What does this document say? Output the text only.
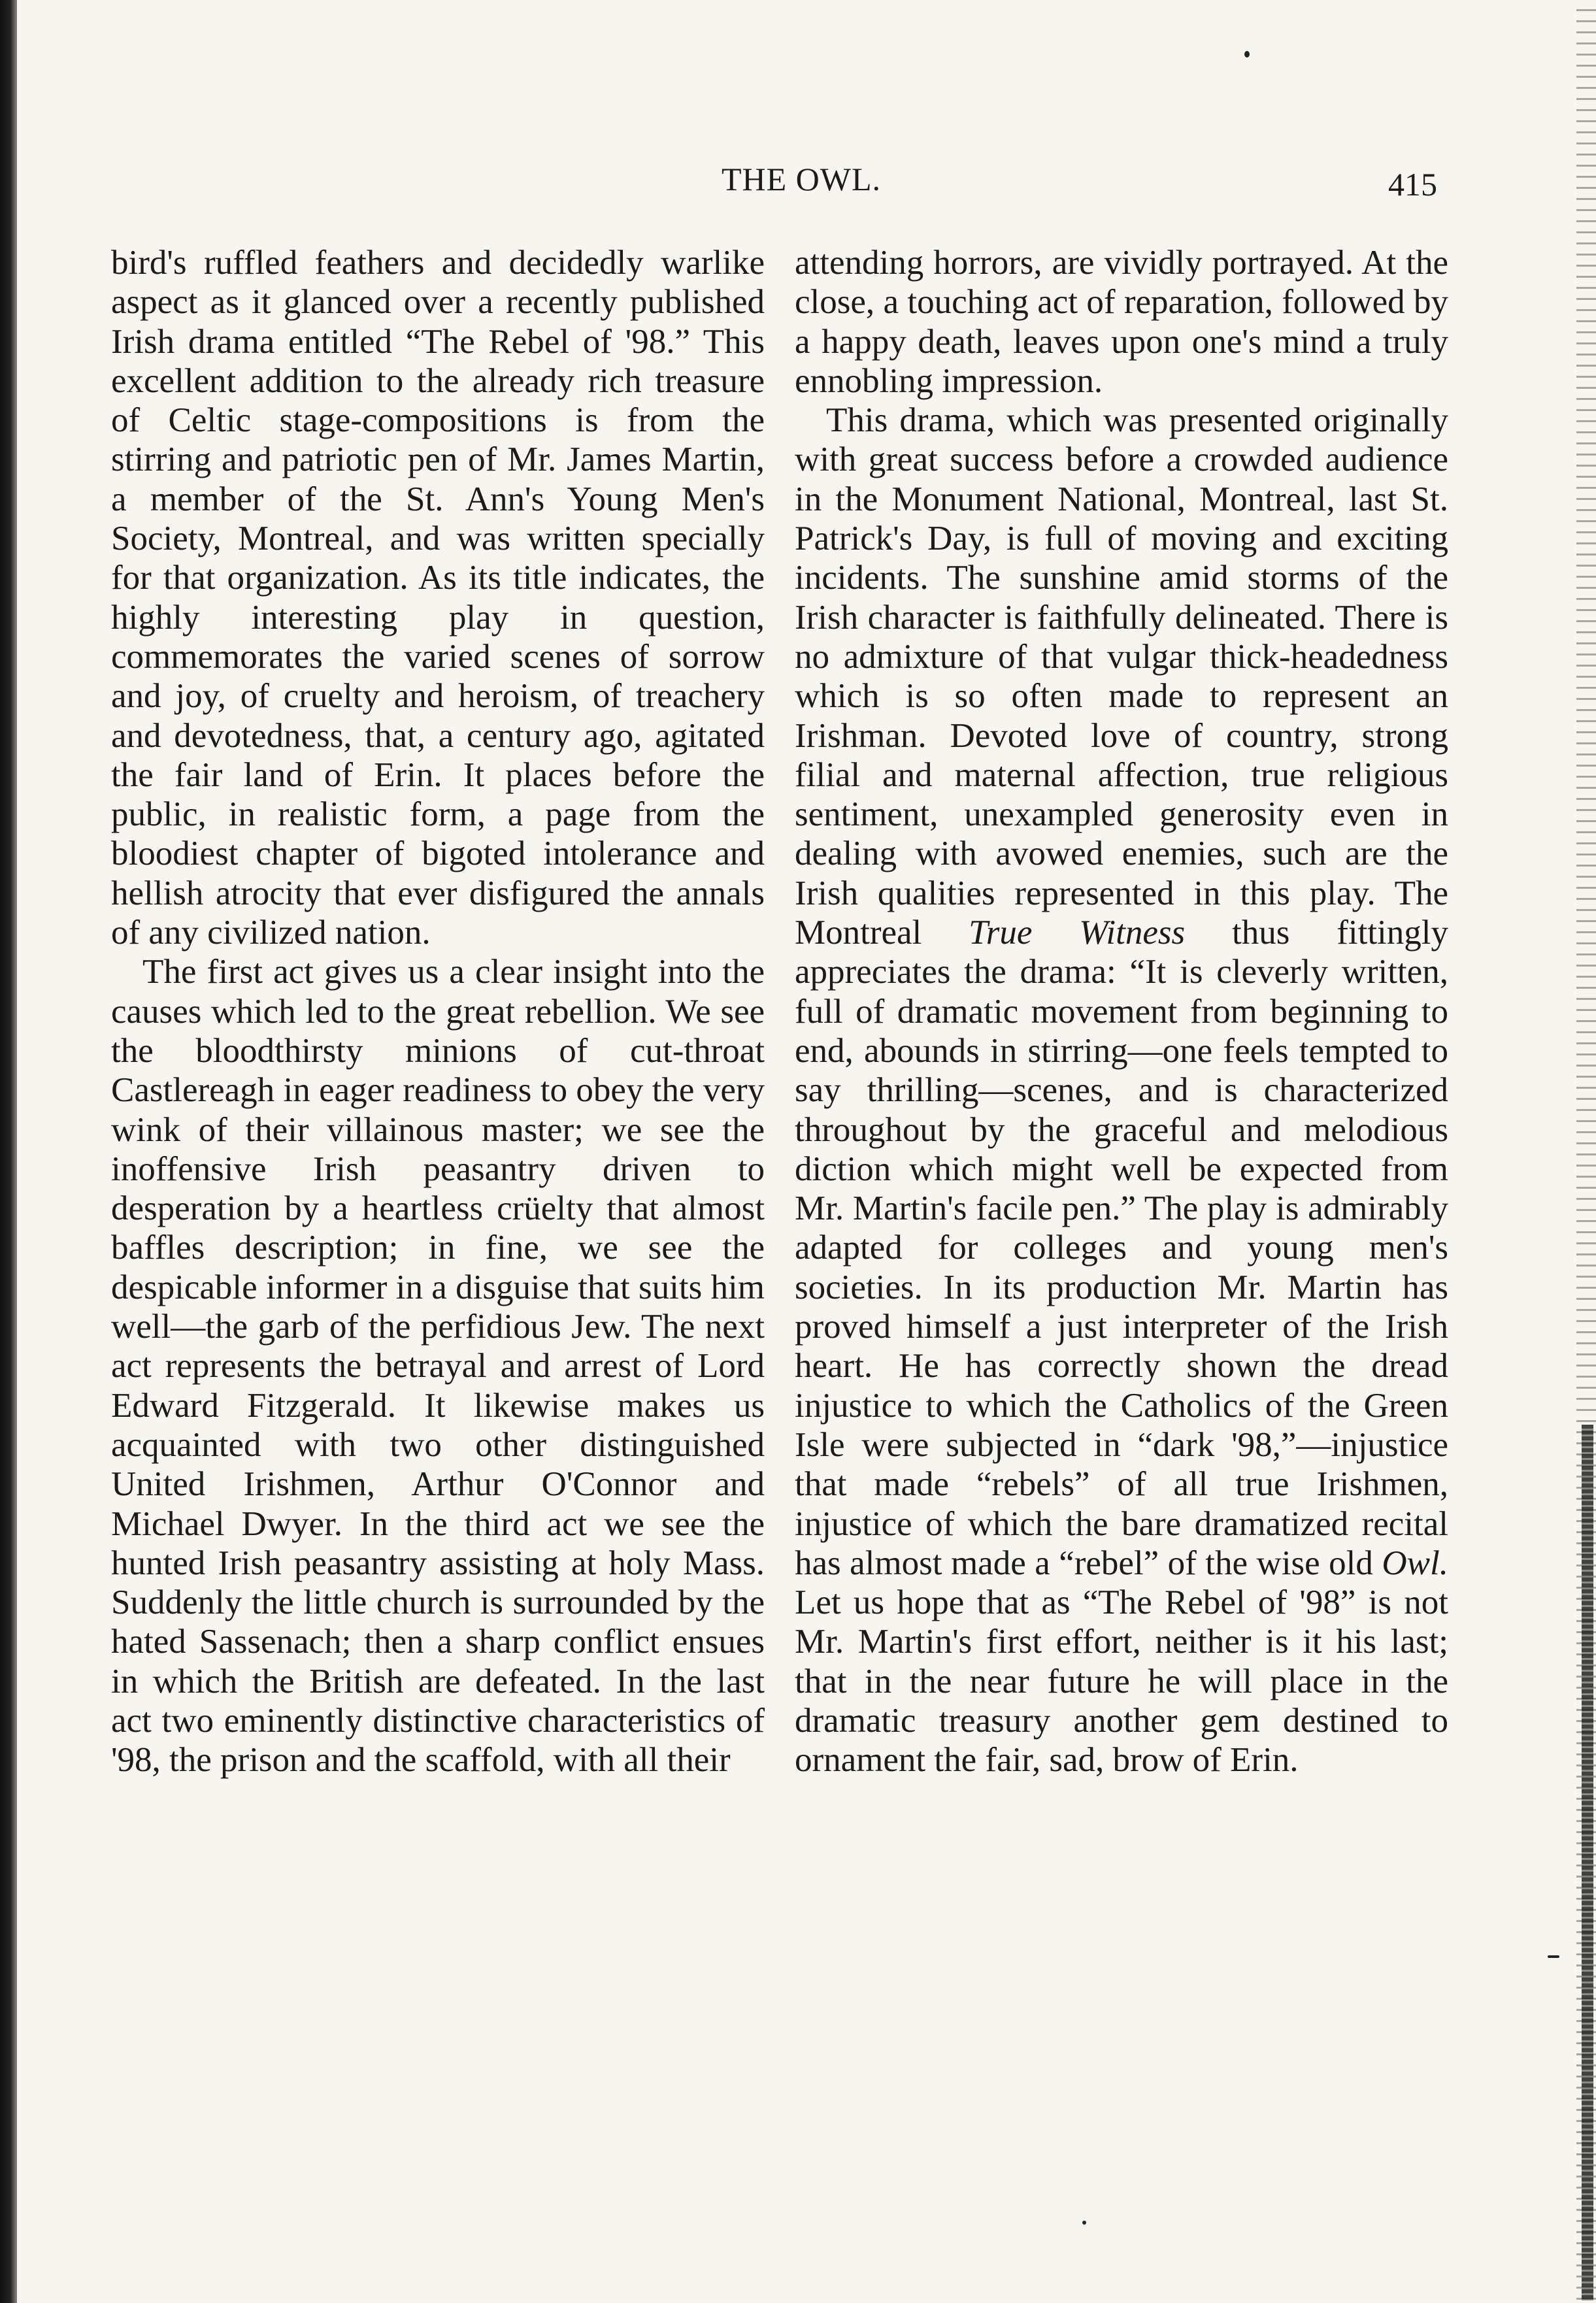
THE OWL.	415

bird's ruffled feathers and decidedly warlike aspect as it glanced over a recently published Irish drama entitled “The Rebel of '98.” This excellent addition to the already rich treasure of Celtic stage-compositions is from the stirring and patriotic pen of Mr. James Martin, a member of the St. Ann's Young Men's Society, Montreal, and was written specially for that organization. As its title indicates, the highly interesting play in question, commemorates the varied scenes of sorrow and joy, of cruelty and heroism, of treachery and devotedness, that, a century ago, agitated the fair land of Erin. It places before the public, in realistic form, a page from the bloodiest chapter of bigoted intolerance and hellish atrocity that ever disfigured the annals of any civilized nation.

The first act gives us a clear insight into the causes which led to the great rebellion. We see the bloodthirsty minions of cut-throat Castlereagh in eager readiness to obey the very wink of their villainous master; we see the inoffensive Irish peasantry driven to desperation by a heartless crüelty that almost baffles description; in fine, we see the despicable informer in a disguise that suits him well—the garb of the perfidious Jew. The next act represents the betrayal and arrest of Lord Edward Fitzgerald. It likewise makes us acquainted with two other distinguished United Irishmen, Arthur O'Connor and Michael Dwyer. In the third act we see the hunted Irish peasantry assisting at holy Mass. Suddenly the little church is surrounded by the hated Sassenach; then a sharp conflict ensues in which the British are defeated. In the last act two eminently distinctive characteristics of '98, the prison and the scaffold, with all their

attending horrors, are vividly portrayed. At the close, a touching act of reparation, followed by a happy death, leaves upon one's mind a truly ennobling impression.

This drama, which was presented originally with great success before a crowded audience in the Monument National, Montreal, last St. Patrick's Day, is full of moving and exciting incidents. The sunshine amid storms of the Irish character is faithfully delineated. There is no admixture of that vulgar thick-headedness which is so often made to represent an Irishman. Devoted love of country, strong filial and maternal affection, true religious sentiment, unexampled generosity even in dealing with avowed enemies, such are the Irish qualities represented in this play. The Montreal True Witness thus fittingly appreciates the drama: “It is cleverly written, full of dramatic movement from beginning to end, abounds in stirring—one feels tempted to say thrilling—scenes, and is characterized throughout by the graceful and melodious diction which might well be expected from Mr. Martin's facile pen.” The play is admirably adapted for colleges and young men's societies. In its production Mr. Martin has proved himself a just interpreter of the Irish heart. He has correctly shown the dread injustice to which the Catholics of the Green Isle were subjected in “dark '98,”—injustice that made “rebels” of all true Irishmen, injustice of which the bare dramatized recital has almost made a “rebel” of the wise old Owl. Let us hope that as “The Rebel of '98” is not Mr. Martin's first effort, neither is it his last; that in the near future he will place in the dramatic treasury another gem destined to ornament the fair, sad, brow of Erin.
